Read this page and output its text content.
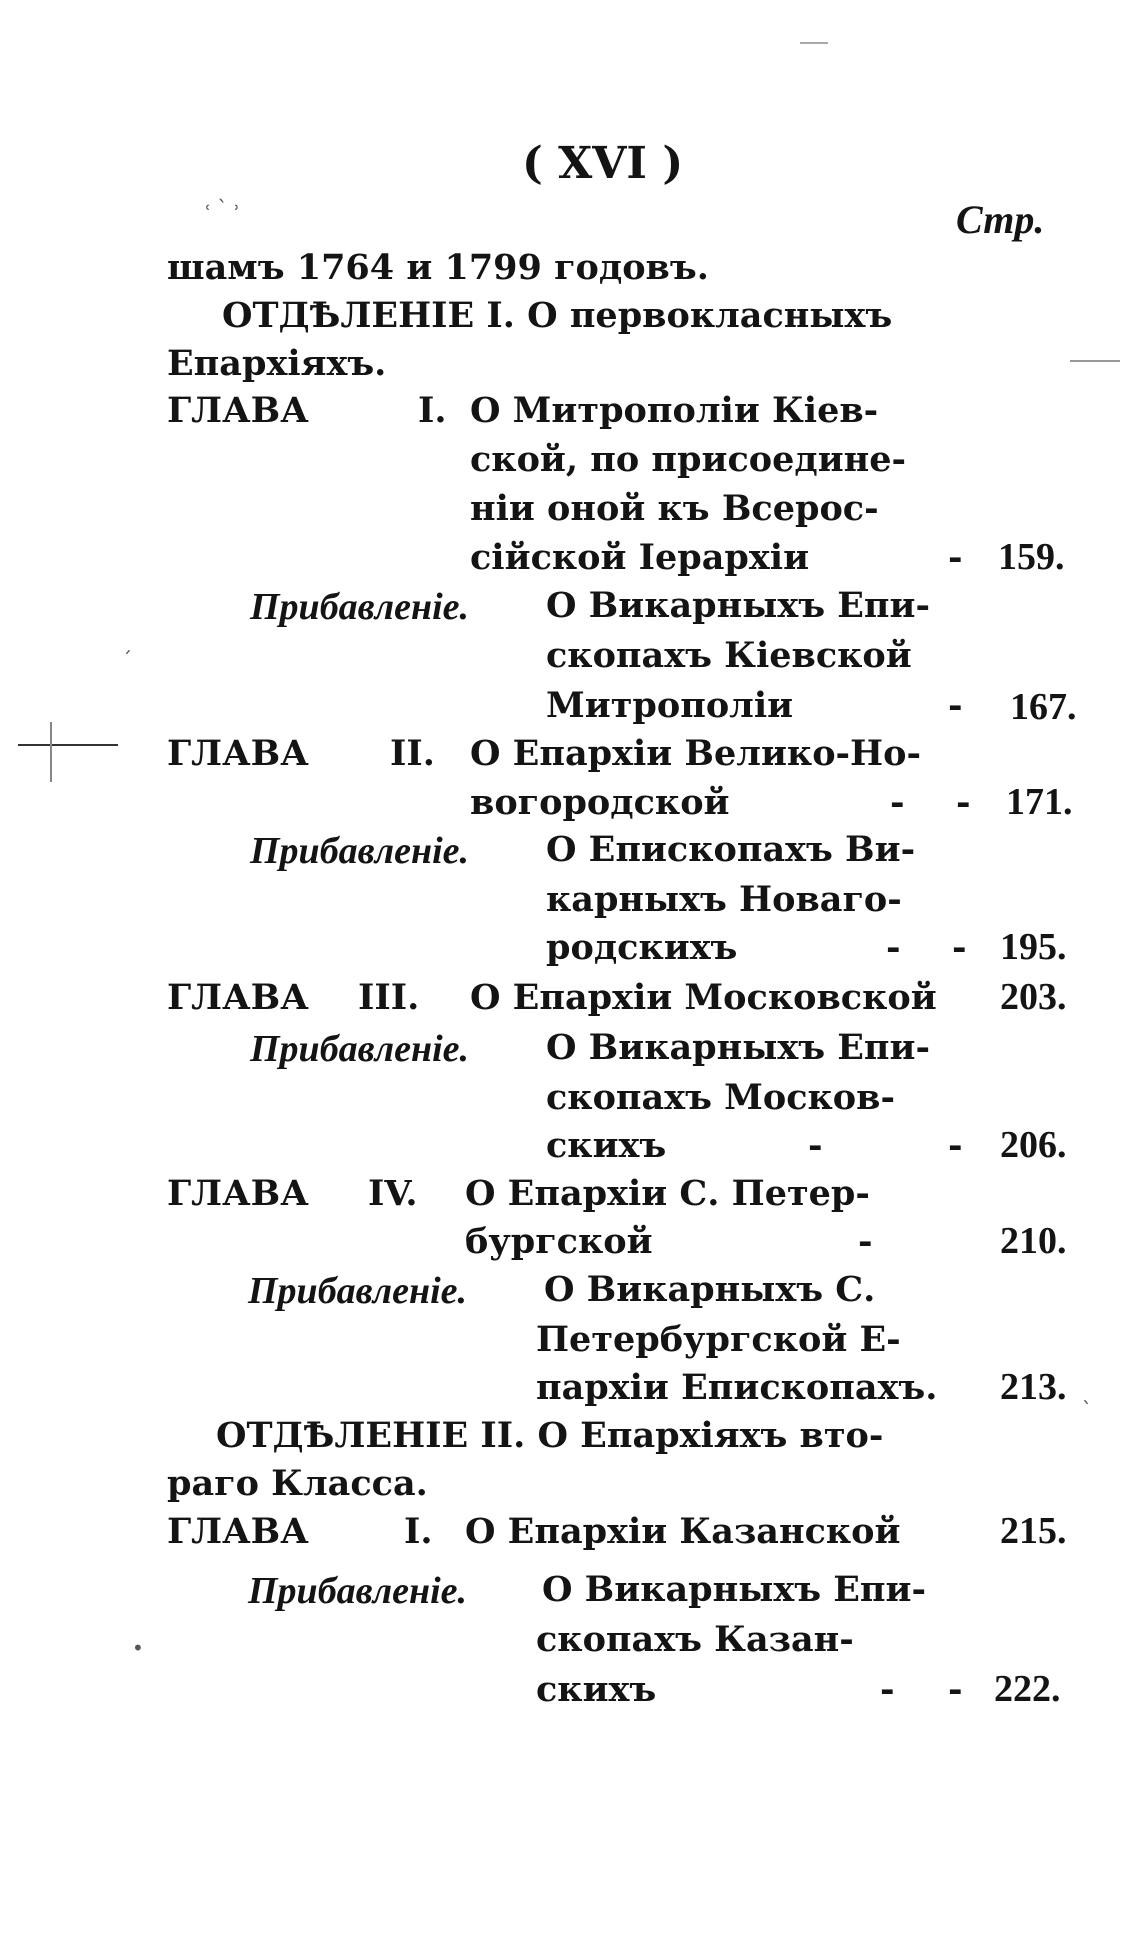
( XVI )
Стр.
шамъ 1764 и 1799 годовъ.
ОТДѢЛЕНІЕ I. О первокласныхъ
Епархіяхъ.
ГЛАВА	I. О Митрополіи Кіев-
ской, по присоедине-
ніи оной къ Всерос-
сійской Іерархіи	- 159.
Прибавленіе. О Викарныхъ Епи-
скопахъ Кіевской
Митрополіи	- 167.
ГЛАВА II. О Епархіи Велико-Но-
вогородской	- - 171.
Прибавленіе. О Епископахъ Ви-
карныхъ Новаго-
родскихъ	- - 195.
ГЛАВА III. О Епархіи Московской 203.
Прибавленіе. О Викарныхъ Епи-
скопахъ Москов-
скихъ	-	- 206.
ГЛАВА IV. О Епархіи С. Петер-
бургской	-	210.
Прибавленіе. О Викарныхъ С.
Петербургской Е-
пархіи Епископахъ. 213.
ОТДѢЛЕНІЕ II. О Епархіяхъ вто-
раго Класса.
ГЛАВА	I. О Епархіи Казанской	215.
Прибавленіе. О Викарныхъ Епи-
скопахъ Казан-
скихъ	- - 222.
˓ ` ˒
•
ˏ
ˎ
